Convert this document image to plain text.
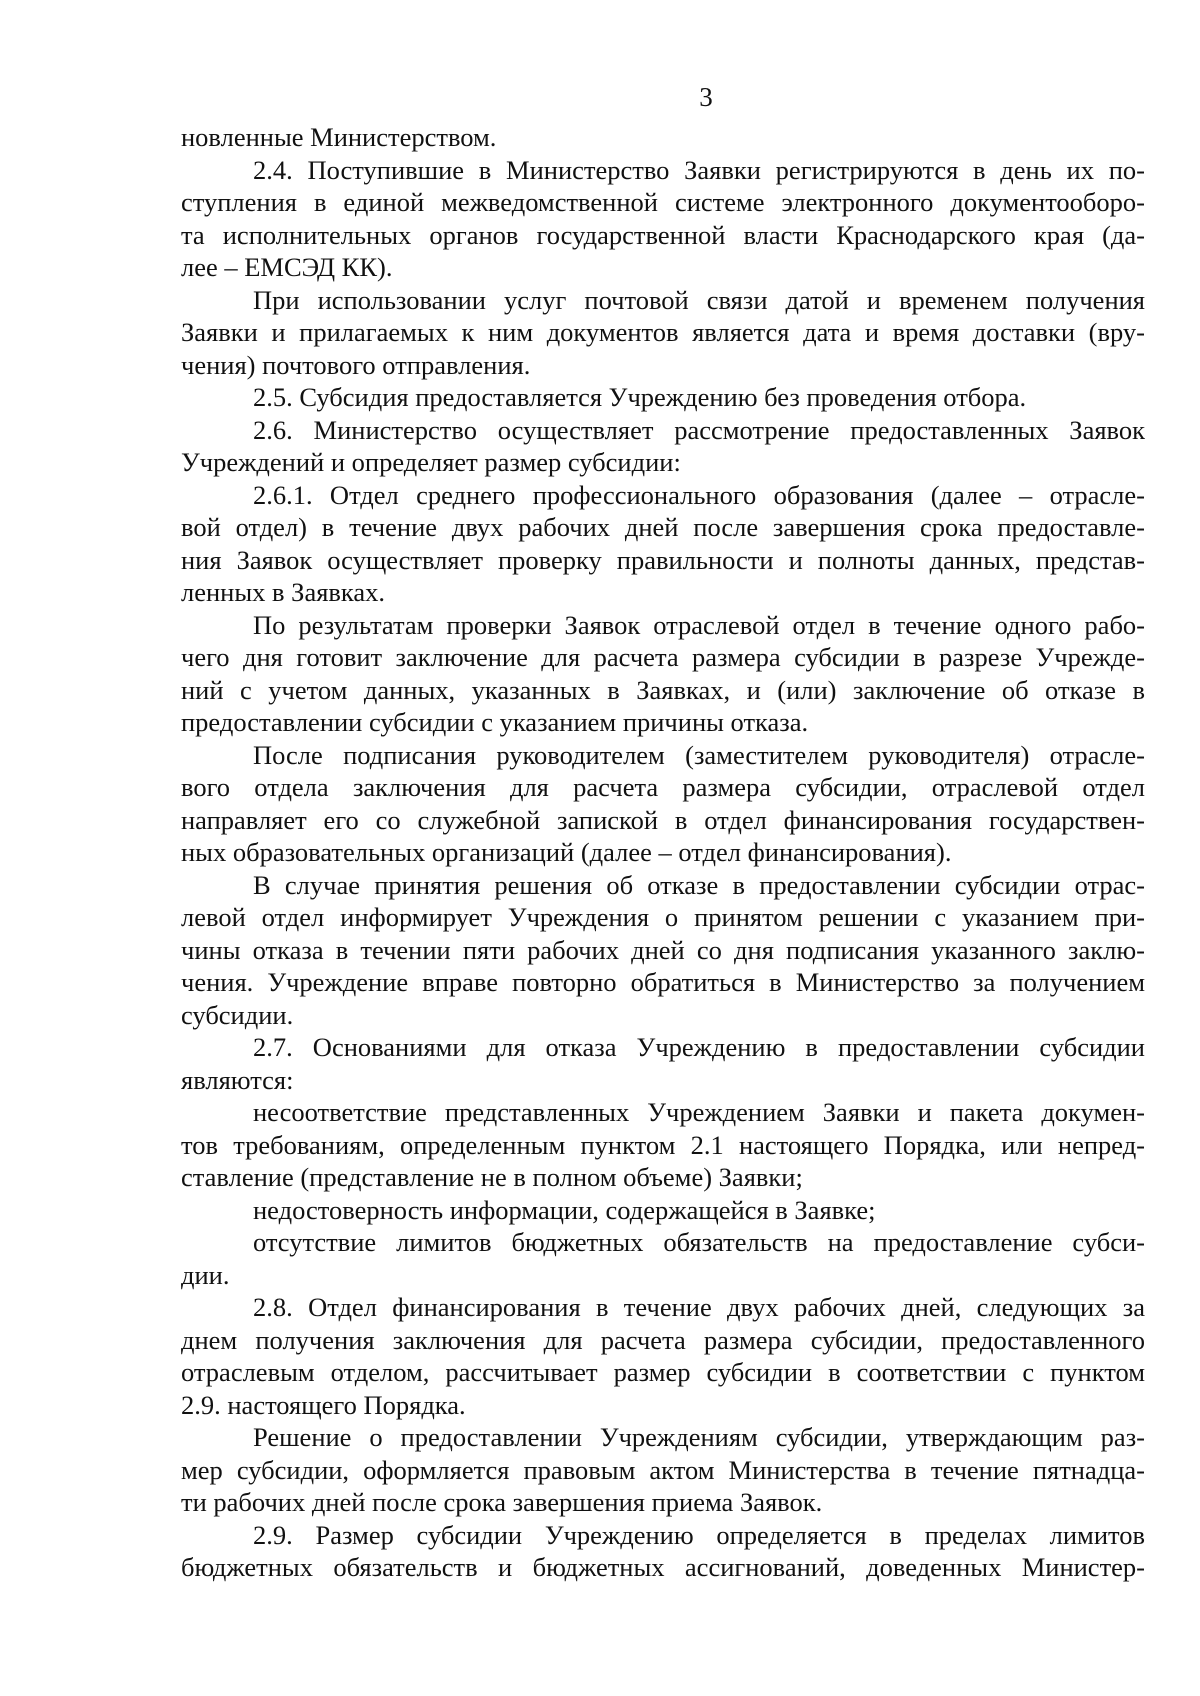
3

новленные Министерством.

2.4. Поступившие в Министерство Заявки регистрируются в день их по-
ступления в единой межведомственной системе электронного документооборо-
та исполнительных органов государственной власти Краснодарского края (да-
лее – ЕМСЭД КК).

При использовании услуг почтовой связи датой и временем получения
Заявки и прилагаемых к ним документов является дата и время доставки (вру-
чения) почтового отправления.

2.5. Субсидия предоставляется Учреждению без проведения отбора.

2.6. Министерство осуществляет рассмотрение предоставленных Заявок
Учреждений и определяет размер субсидии:

2.6.1. Отдел среднего профессионального образования (далее – отрасле-
вой отдел) в течение двух рабочих дней после завершения срока предоставле-
ния Заявок осуществляет проверку правильности и полноты данных, представ-
ленных в Заявках.

По результатам проверки Заявок отраслевой отдел в течение одного рабо-
чего дня готовит заключение для расчета размера субсидии в разрезе Учрежде-
ний с учетом данных, указанных в Заявках, и (или) заключение об отказе в
предоставлении субсидии с указанием причины отказа.

После подписания руководителем (заместителем руководителя) отрасле-
вого отдела заключения для расчета размера субсидии, отраслевой отдел
направляет его со служебной запиской в отдел финансирования государствен-
ных образовательных организаций (далее – отдел финансирования).

В случае принятия решения об отказе в предоставлении субсидии отрас-
левой отдел информирует Учреждения о принятом решении с указанием при-
чины отказа в течении пяти рабочих дней со дня подписания указанного заклю-
чения. Учреждение вправе повторно обратиться в Министерство за получением
субсидии.

2.7. Основаниями для отказа Учреждению в предоставлении субсидии
являются:

несоответствие представленных Учреждением Заявки и пакета докумен-
тов требованиям, определенным пунктом 2.1 настоящего Порядка, или непред-
ставление (представление не в полном объеме) Заявки;

недостоверность информации, содержащейся в Заявке;

отсутствие лимитов бюджетных обязательств на предоставление субси-
дии.

2.8. Отдел финансирования в течение двух рабочих дней, следующих за
днем получения заключения для расчета размера субсидии, предоставленного
отраслевым отделом, рассчитывает размер субсидии в соответствии с пунктом
2.9. настоящего Порядка.

Решение о предоставлении Учреждениям субсидии, утверждающим раз-
мер субсидии, оформляется правовым актом Министерства в течение пятнадца-
ти рабочих дней после срока завершения приема Заявок.

2.9. Размер субсидии Учреждению определяется в пределах лимитов
бюджетных обязательств и бюджетных ассигнований, доведенных Министер-
